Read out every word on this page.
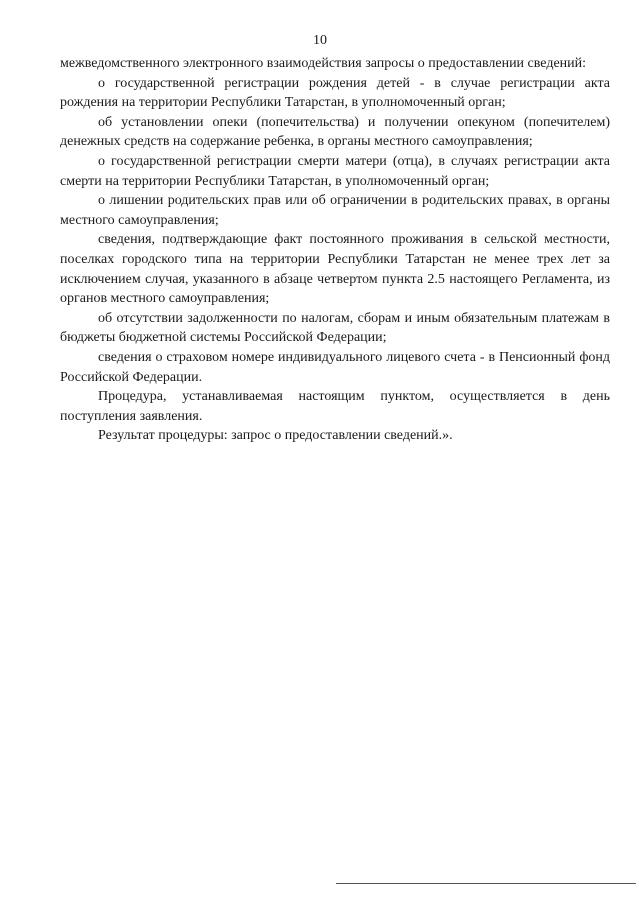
10

межведомственного электронного взаимодействия запросы о предоставлении сведений:

о государственной регистрации рождения детей - в случае регистрации акта рождения на территории Республики Татарстан, в уполномоченный орган;

об установлении опеки (попечительства) и получении опекуном (попечителем) денежных средств на содержание ребенка, в органы местного самоуправления;

о государственной регистрации смерти матери (отца), в случаях регистрации акта смерти на территории Республики Татарстан, в уполномоченный орган;

о лишении родительских прав или об ограничении в родительских правах, в органы местного самоуправления;

сведения, подтверждающие факт постоянного проживания в сельской местности, поселках городского типа на территории Республики Татарстан не менее трех лет за исключением случая, указанного в абзаце четвертом пункта 2.5 настоящего Регламента, из органов местного самоуправления;

об отсутствии задолженности по налогам, сборам и иным обязательным платежам в бюджеты бюджетной системы Российской Федерации;

сведения о страховом номере индивидуального лицевого счета - в Пенсионный фонд Российской Федерации.

Процедура, устанавливаемая настоящим пунктом, осуществляется в день поступления заявления.

Результат процедуры: запрос о предоставлении сведений.».
